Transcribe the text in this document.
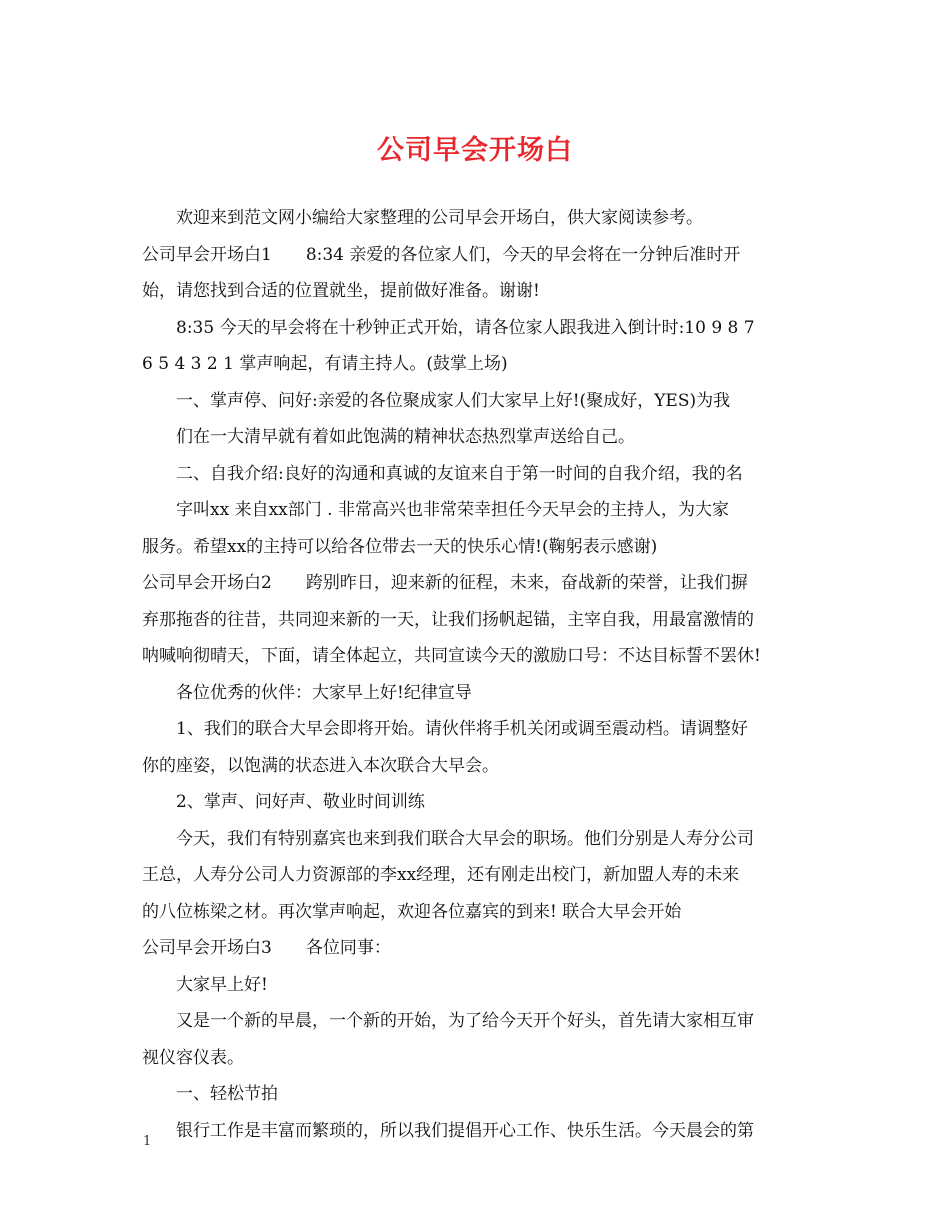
公司早会开场白
欢迎来到范文网小编给大家整理的公司早会开场白，供大家阅读参考。
公司早会开场白1　　8:34 亲爱的各位家人们，今天的早会将在一分钟后准时开
始，请您找到合适的位置就坐，提前做好准备。谢谢!
8:35 今天的早会将在十秒钟正式开始，请各位家人跟我进入倒计时:10 9 8 7
6 5 4 3 2 1 掌声响起，有请主持人。(鼓掌上场)
一、掌声停、问好:亲爱的各位聚成家人们大家早上好!(聚成好，YES)为我
们在一大清早就有着如此饱满的精神状态热烈掌声送给自己。
二、自我介绍:良好的沟通和真诚的友谊来自于第一时间的自我介绍，我的名
字叫xx 来自xx部门 . 非常高兴也非常荣幸担任今天早会的主持人，为大家
服务。希望xx的主持可以给各位带去一天的快乐心情!(鞠躬表示感谢)
公司早会开场白2　　跨别昨日，迎来新的征程，未来，奋战新的荣誉，让我们摒
弃那拖沓的往昔，共同迎来新的一天，让我们扬帆起锚，主宰自我，用最富激情的
呐喊响彻晴天，下面，请全体起立，共同宣读今天的激励口号：不达目标誓不罢休!
各位优秀的伙伴：大家早上好!纪律宣导
1、我们的联合大早会即将开始。请伙伴将手机关闭或调至震动档。请调整好
你的座姿，以饱满的状态进入本次联合大早会。
2、掌声、问好声、敬业时间训练
今天，我们有特别嘉宾也来到我们联合大早会的职场。他们分别是人寿分公司
王总，人寿分公司人力资源部的李xx经理，还有刚走出校门，新加盟人寿的未来
的八位栋梁之材。再次掌声响起，欢迎各位嘉宾的到来! 联合大早会开始
公司早会开场白3　　各位同事：
大家早上好!
又是一个新的早晨，一个新的开始，为了给今天开个好头，首先请大家相互审
视仪容仪表。
一、轻松节拍
银行工作是丰富而繁琐的，所以我们提倡开心工作、快乐生活。今天晨会的第
1
